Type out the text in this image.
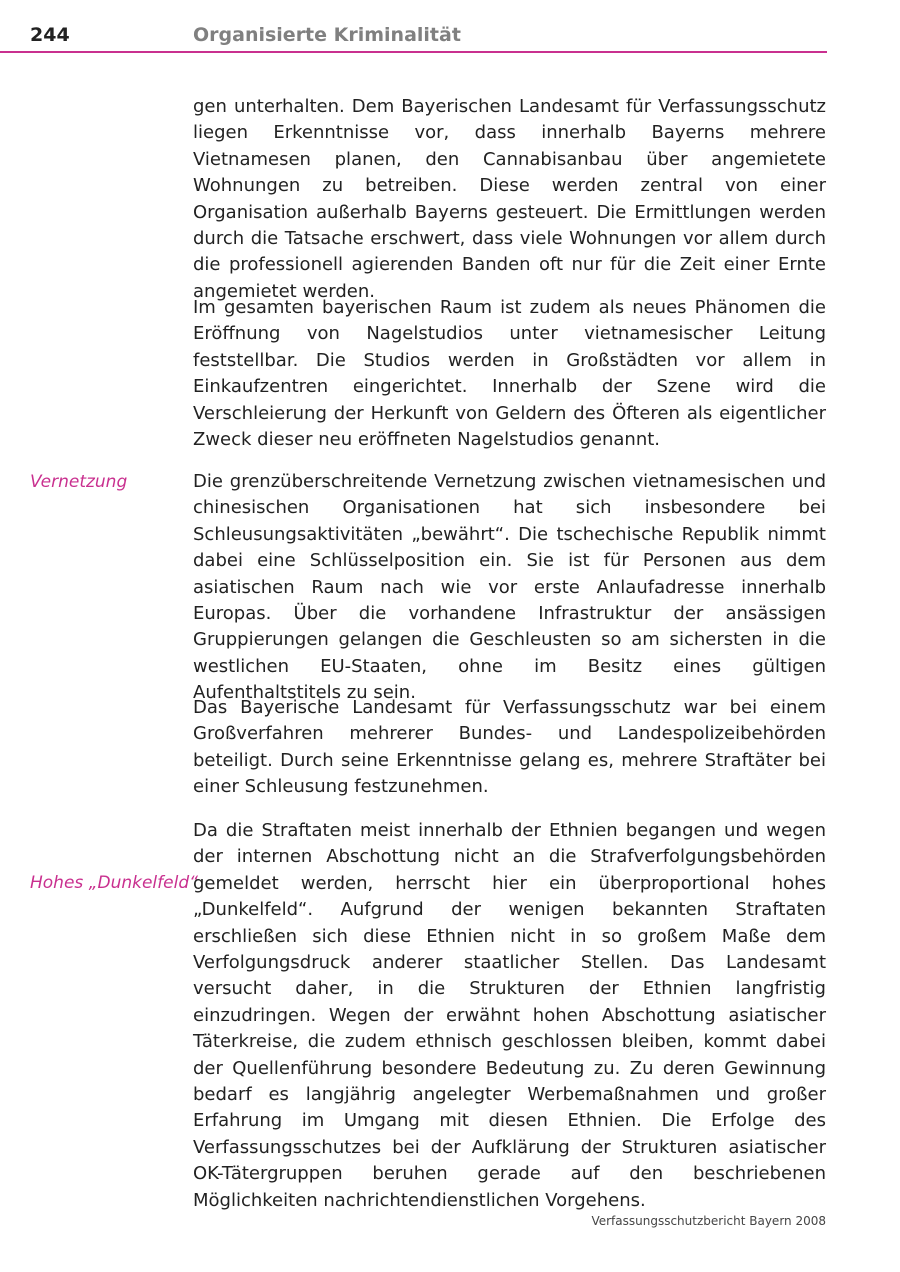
244	Organisierte Kriminalität

gen unterhalten. Dem Bayerischen Landesamt für Verfassungsschutz liegen Erkenntnisse vor, dass innerhalb Bayerns mehrere Vietnamesen planen, den Cannabisanbau über angemietete Wohnungen zu betreiben. Diese werden zentral von einer Organisation außerhalb Bayerns gesteuert. Die Ermittlungen werden durch die Tatsache erschwert, dass viele Wohnungen vor allem durch die professionell agierenden Banden oft nur für die Zeit einer Ernte angemietet werden.

Im gesamten bayerischen Raum ist zudem als neues Phänomen die Eröffnung von Nagelstudios unter vietnamesischer Leitung feststellbar. Die Studios werden in Großstädten vor allem in Einkaufzentren eingerichtet. Innerhalb der Szene wird die Verschleierung der Herkunft von Geldern des Öfteren als eigentlicher Zweck dieser neu eröffneten Nagelstudios genannt.

Vernetzung	Die grenzüberschreitende Vernetzung zwischen vietnamesischen und chinesischen Organisationen hat sich insbesondere bei Schleusungsaktivitäten „bewährt“. Die tschechische Republik nimmt dabei eine Schlüsselposition ein. Sie ist für Personen aus dem asiatischen Raum nach wie vor erste Anlaufadresse innerhalb Europas. Über die vorhandene Infrastruktur der ansässigen Gruppierungen gelangen die Geschleusten so am sichersten in die westlichen EU-Staaten, ohne im Besitz eines gültigen Aufenthaltstitels zu sein.

Das Bayerische Landesamt für Verfassungsschutz war bei einem Großverfahren mehrerer Bundes- und Landespolizeibehörden beteiligt. Durch seine Erkenntnisse gelang es, mehrere Straftäter bei einer Schleusung festzunehmen.

Hohes „Dunkelfeld“

Da die Straftaten meist innerhalb der Ethnien begangen und wegen der internen Abschottung nicht an die Strafverfolgungsbehörden gemeldet werden, herrscht hier ein überproportional hohes „Dunkelfeld“. Aufgrund der wenigen bekannten Straftaten erschließen sich diese Ethnien nicht in so großem Maße dem Verfolgungsdruck anderer staatlicher Stellen. Das Landesamt versucht daher, in die Strukturen der Ethnien langfristig einzudringen. Wegen der erwähnt hohen Abschottung asiatischer Täterkreise, die zudem ethnisch geschlossen bleiben, kommt dabei der Quellenführung besondere Bedeutung zu. Zu deren Gewinnung bedarf es langjährig angelegter Werbemaßnahmen und großer Erfahrung im Umgang mit diesen Ethnien. Die Erfolge des Verfassungsschutzes bei der Aufklärung der Strukturen asiatischer OK-Tätergruppen beruhen gerade auf den beschriebenen Möglichkeiten nachrichtendienstlichen Vorgehens.

Verfassungsschutzbericht Bayern 2008
